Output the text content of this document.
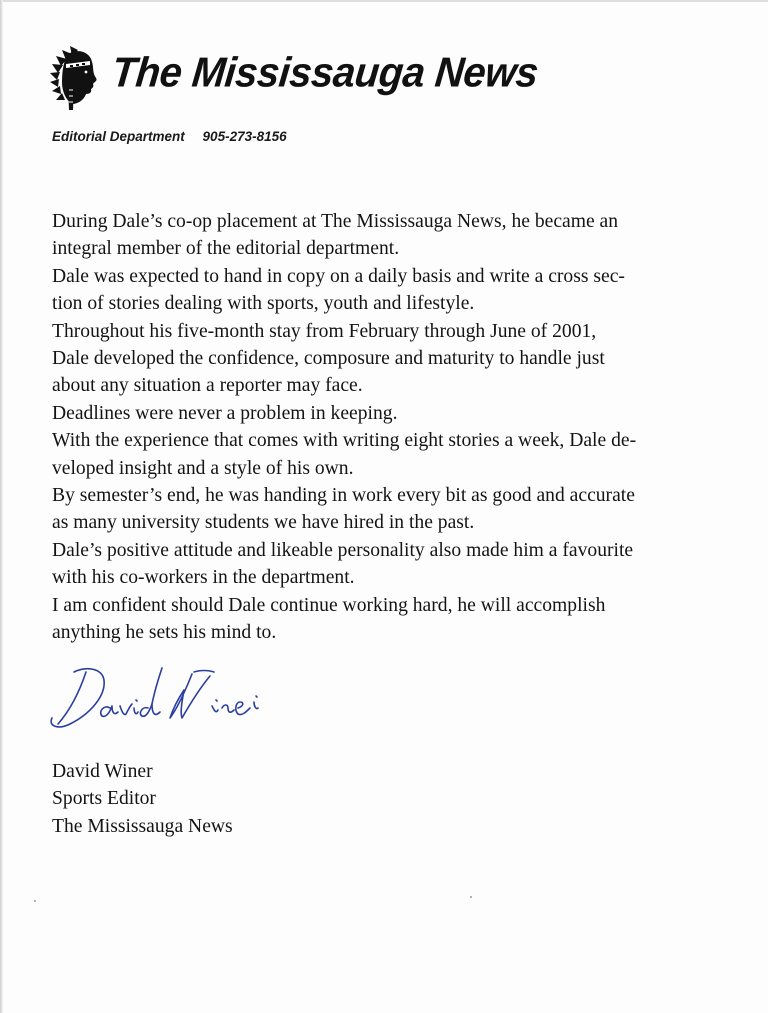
The Mississauga News
Editorial Department 905-273-8156
During Dale’s co-op placement at The Mississauga News, he became an
integral member of the editorial department.
Dale was expected to hand in copy on a daily basis and write a cross sec-
tion of stories dealing with sports, youth and lifestyle.
Throughout his five-month stay from February through June of 2001,
Dale developed the confidence, composure and maturity to handle just
about any situation a reporter may face.
Deadlines were never a problem in keeping.
With the experience that comes with writing eight stories a week, Dale de-
veloped insight and a style of his own.
By semester’s end, he was handing in work every bit as good and accurate
as many university students we have hired in the past.
Dale’s positive attitude and likeable personality also made him a favourite
with his co-workers in the department.
I am confident should Dale continue working hard, he will accomplish
anything he sets his mind to.
David Winer
Sports Editor
The Mississauga News
